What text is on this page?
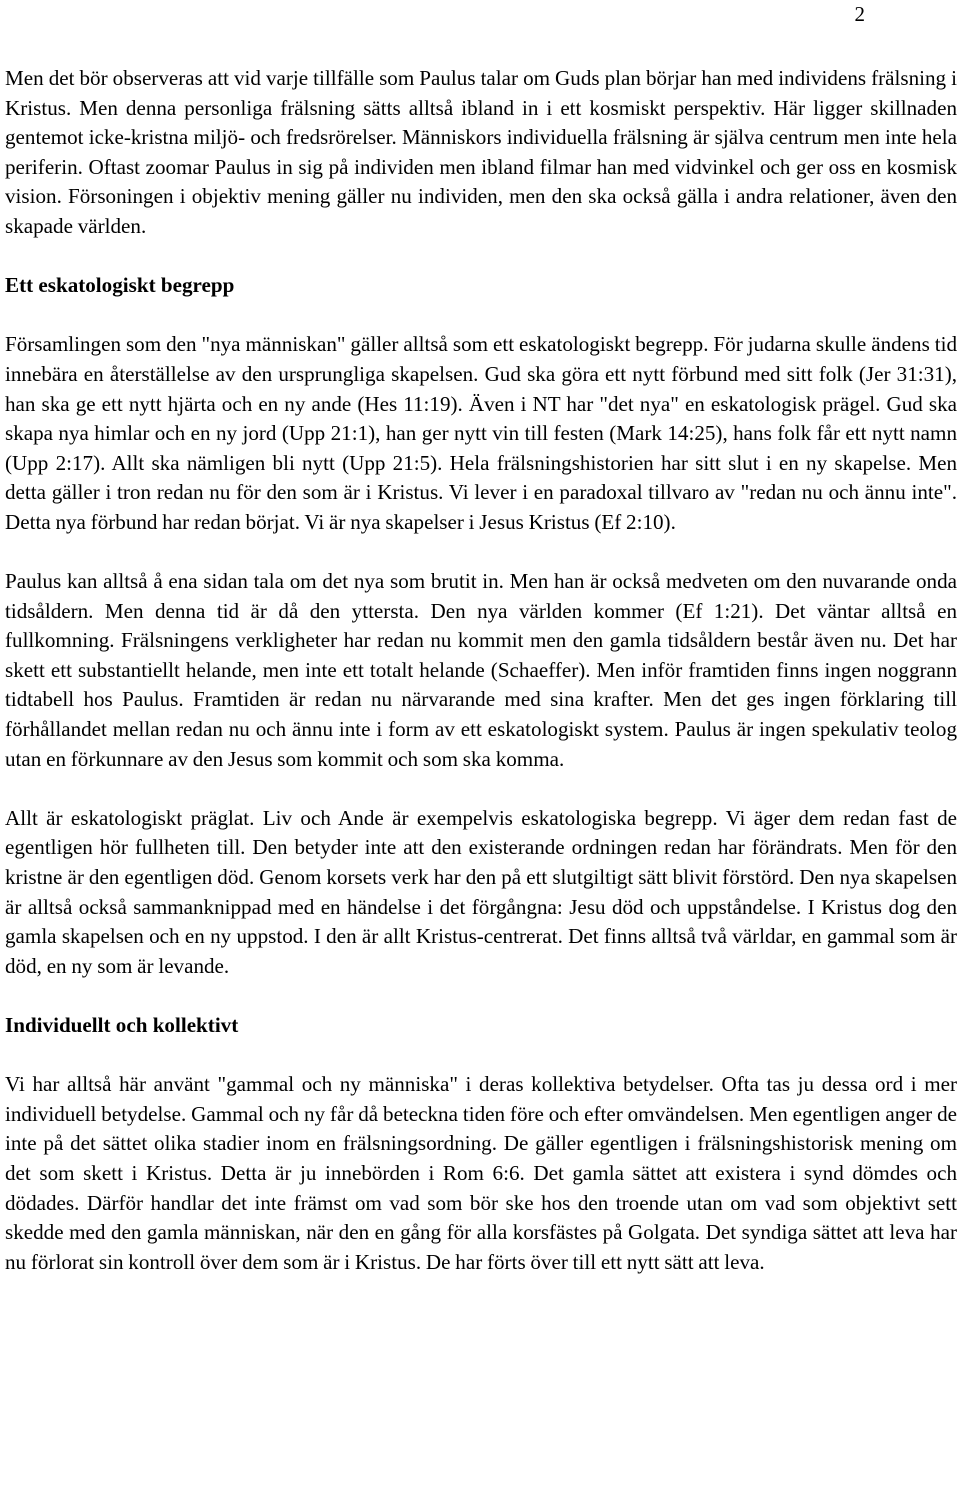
2

Men det bör observeras att vid varje tillfälle som Paulus talar om Guds plan börjar han med individens frälsning i Kristus. Men denna personliga frälsning sätts alltså ibland in i ett kosmiskt perspektiv. Här ligger skillnaden gentemot icke-kristna miljö- och fredsrörelser. Människors individuella frälsning är själva centrum men inte hela periferin. Oftast zoomar Paulus in sig på individen men ibland filmar han med vidvinkel och ger oss en kosmisk vision. Försoningen i objektiv mening gäller nu individen, men den ska också gälla i andra relationer, även den skapade världen.

Ett eskatologiskt begrepp

Församlingen som den "nya människan" gäller alltså som ett eskatologiskt begrepp. För judarna skulle ändens tid innebära en återställelse av den ursprungliga skapelsen. Gud ska göra ett nytt förbund med sitt folk (Jer 31:31), han ska ge ett nytt hjärta och en ny ande (Hes 11:19). Även i NT har "det nya" en eskatologisk prägel. Gud ska skapa nya himlar och en ny jord (Upp 21:1), han ger nytt vin till festen (Mark 14:25), hans folk får ett nytt namn (Upp 2:17). Allt ska nämligen bli nytt (Upp 21:5). Hela frälsningshistorien har sitt slut i en ny skapelse. Men detta gäller i tron redan nu för den som är i Kristus. Vi lever i en paradoxal tillvaro av "redan nu och ännu inte". Detta nya förbund har redan börjat. Vi är nya skapelser i Jesus Kristus (Ef 2:10).

Paulus kan alltså å ena sidan tala om det nya som brutit in. Men han är också medveten om den nuvarande onda tidsåldern. Men denna tid är då den yttersta. Den nya världen kommer (Ef 1:21). Det väntar alltså en fullkomning. Frälsningens verkligheter har redan nu kommit men den gamla tidsåldern består även nu. Det har skett ett substantiellt helande, men inte ett totalt helande (Schaeffer). Men inför framtiden finns ingen noggrann tidtabell hos Paulus. Framtiden är redan nu närvarande med sina krafter. Men det ges ingen förklaring till förhållandet mellan redan nu och ännu inte i form av ett eskatologiskt system. Paulus är ingen spekulativ teolog utan en förkunnare av den Jesus som kommit och som ska komma.

Allt är eskatologiskt präglat. Liv och Ande är exempelvis eskatologiska begrepp. Vi äger dem redan fast de egentligen hör fullheten till. Den betyder inte att den existerande ordningen redan har förändrats. Men för den kristne är den egentligen död. Genom korsets verk har den på ett slutgiltigt sätt blivit förstörd. Den nya skapelsen är alltså också sammanknippad med en händelse i det förgångna: Jesu död och uppståndelse. I Kristus dog den gamla skapelsen och en ny uppstod. I den är allt Kristus-centrerat. Det finns alltså två världar, en gammal som är död, en ny som är levande.

Individuellt och kollektivt

Vi har alltså här använt "gammal och ny människa" i deras kollektiva betydelser. Ofta tas ju dessa ord i mer individuell betydelse. Gammal och ny får då beteckna tiden före och efter omvändelsen. Men egentligen anger de inte på det sättet olika stadier inom en frälsningsordning. De gäller egentligen i frälsningshistorisk mening om det som skett i Kristus. Detta är ju innebörden i Rom 6:6. Det gamla sättet att existera i synd dömdes och dödades. Därför handlar det inte främst om vad som bör ske hos den troende utan om vad som objektivt sett skedde med den gamla människan, när den en gång för alla korsfästes på Golgata. Det syndiga sättet att leva har nu förlorat sin kontroll över dem som är i Kristus. De har förts över till ett nytt sätt att leva.
